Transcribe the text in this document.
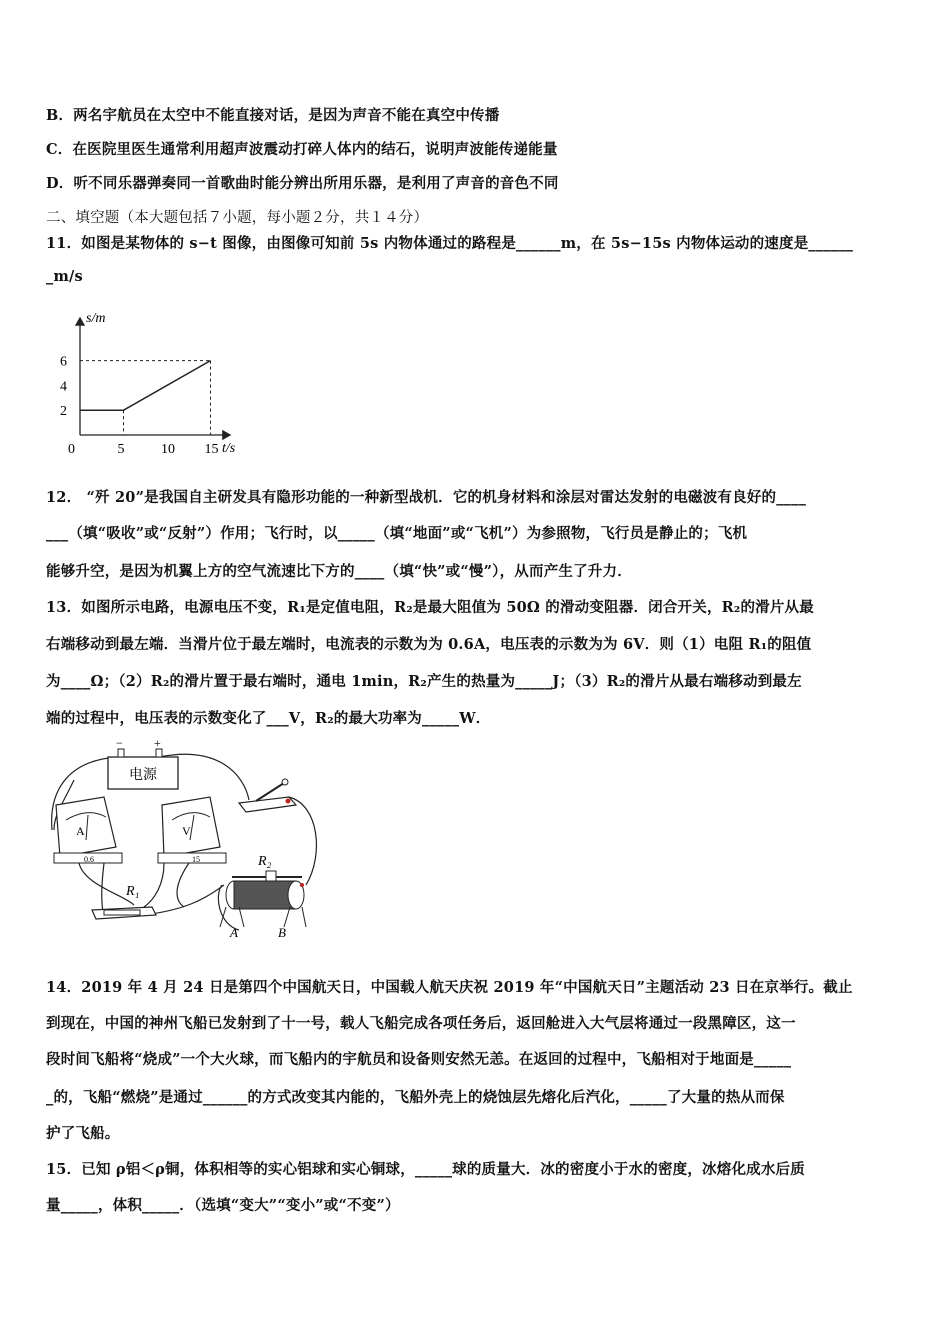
B．两名宇航员在太空中不能直接对话，是因为声音不能在真空中传播
C．在医院里医生通常利用超声波震动打碎人体内的结石，说明声波能传递能量
D．听不同乐器弹奏同一首歌曲时能分辨出所用乐器，是利用了声音的音色不同
二、填空题（本大题包括７小题，每小题２分，共１４分）
11．如图是某物体的 s−t 图像，由图像可知前 5s 内物体通过的路程是______m，在 5s−15s 内物体运动的速度是______
_m/s
s/m
t/s
0	5	10 15
2
4
6
12． “歼 20”是我国自主研发具有隐形功能的一种新型战机．它的机身材料和涂层对雷达发射的电磁波有良好的____
___（填“吸收”或“反射”）作用；飞行时，以_____（填“地面”或“飞机”）为参照物，飞行员是静止的；飞机
能够升空，是因为机翼上方的空气流速比下方的____（填“快”或“慢”），从而产生了升力．
13．如图所示电路，电源电压不变，R₁是定值电阻，R₂是最大阻值为 50Ω 的滑动变阻器．闭合开关，R₂的滑片从最
右端移动到最左端．当滑片位于最左端时，电流表的示数为为 0.6A，电压表的示数为为 6V．则（1）电阻 R₁的阻值
为____Ω；（2）R₂的滑片置于最右端时，通电 1min，R₂产生的热量为_____J；（3）R₂的滑片从最右端移动到最左
端的过程中，电压表的示数变化了___V，R₂的最大功率为_____W．
电源
−	+
A
0.6
V
15
R₁
R₂
A	B
14．2019 年 4 月 24 日是第四个中国航天日，中国载人航天庆祝 2019 年“中国航天日”主题活动 23 日在京举行。截止
到现在，中国的神州飞船已发射到了十一号，载人飞船完成各项任务后，返回舱进入大气层将通过一段黑障区，这一
段时间飞船将“烧成”一个大火球，而飞船内的宇航员和设备则安然无恙。在返回的过程中，飞船相对于地面是_____
_的，飞船“燃烧”是通过______的方式改变其内能的，飞船外壳上的烧蚀层先熔化后汽化，_____了大量的热从而保
护了飞船。
15．已知 ρ铝＜ρ铜，体积相等的实心铝球和实心铜球，_____球的质量大．冰的密度小于水的密度，冰熔化成水后质
量_____，体积_____．（选填“变大”“变小”或“不变”）
